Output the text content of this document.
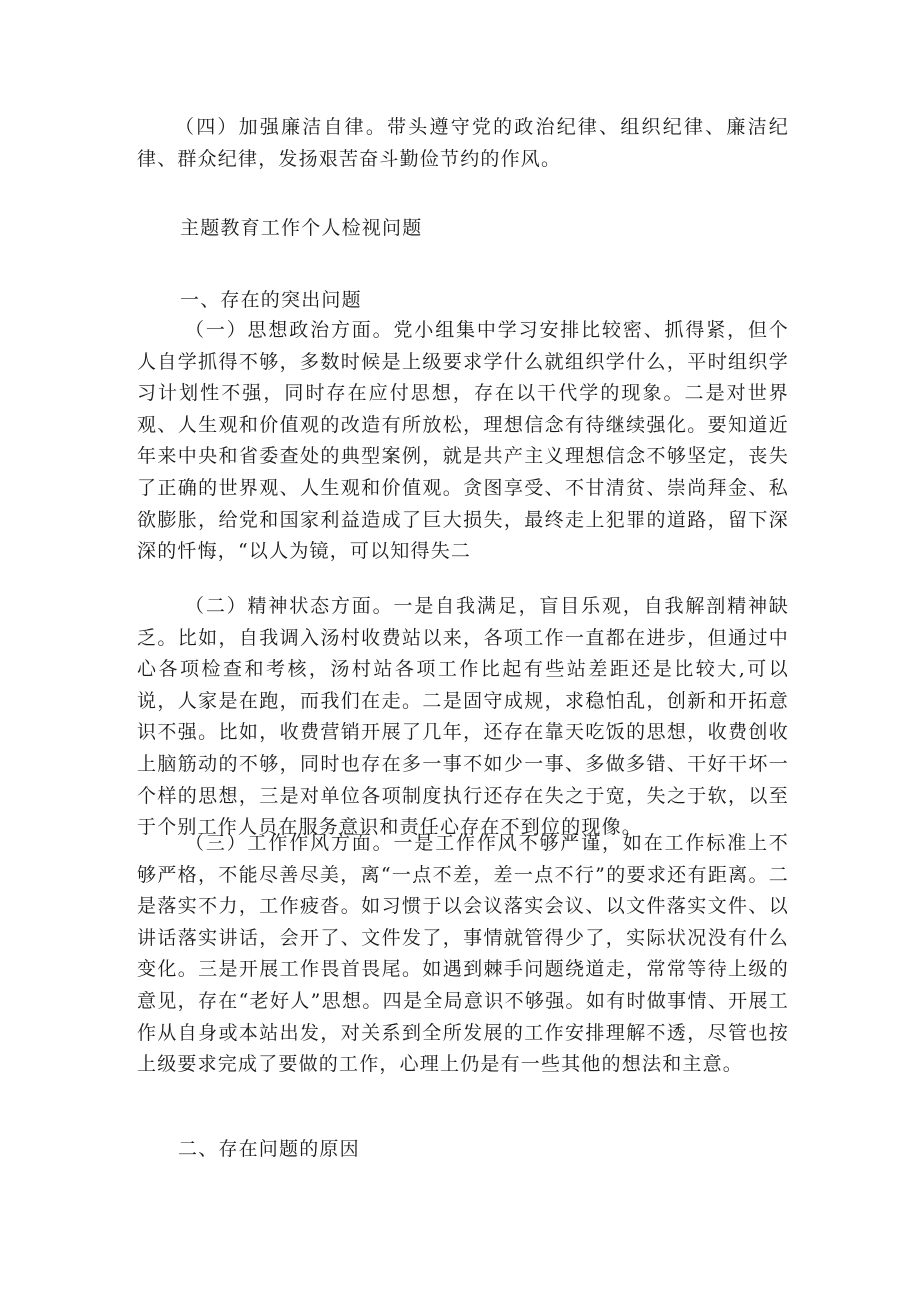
（四）加强廉洁自律。带头遵守党的政治纪律、组织纪律、廉洁纪律、群众纪律，发扬艰苦奋斗勤俭节约的作风。

主题教育工作个人检视问题
一、存在的突出问题

（一）思想政治方面。党小组集中学习安排比较密、抓得紧，但个人自学抓得不够，多数时候是上级要求学什么就组织学什么，平时组织学习计划性不强，同时存在应付思想，存在以干代学的现象。二是对世界观、人生观和价值观的改造有所放松，理想信念有待继续强化。要知道近年来中央和省委查处的典型案例，就是共产主义理想信念不够坚定，丧失了正确的世界观、人生观和价值观。贪图享受、不甘清贫、崇尚拜金、私欲膨胀，给党和国家利益造成了巨大损失，最终走上犯罪的道路，留下深深的忏悔，“以人为镜，可以知得失二

（二）精神状态方面。一是自我满足，盲目乐观，自我解剖精神缺乏。比如，自我调入汤村收费站以来，各项工作一直都在进步，但通过中心各项检查和考核，汤村站各项工作比起有些站差距还是比较大,可以说，人家是在跑，而我们在走。二是固守成规，求稳怕乱，创新和开拓意识不强。比如，收费营销开展了几年，还存在靠天吃饭的思想，收费创收上脑筋动的不够，同时也存在多一事不如少一事、多做多错、干好干坏一个样的思想，三是对单位各项制度执行还存在失之于宽，失之于软，以至于个别工作人员在服务意识和责任心存在不到位的现像。

（三）工作作风方面。一是工作作风不够严谨，如在工作标准上不够严格，不能尽善尽美，离“一点不差，差一点不行”的要求还有距离。二是落实不力，工作疲沓。如习惯于以会议落实会议、以文件落实文件、以讲话落实讲话，会开了、文件发了，事情就管得少了，实际状况没有什么变化。三是开展工作畏首畏尾。如遇到棘手问题绕道走，常常等待上级的意见，存在“老好人”思想。四是全局意识不够强。如有时做事情、开展工作从自身或本站出发，对关系到全所发展的工作安排理解不透，尽管也按上级要求完成了要做的工作，心理上仍是有一些其他的想法和主意。

二、存在问题的原因
